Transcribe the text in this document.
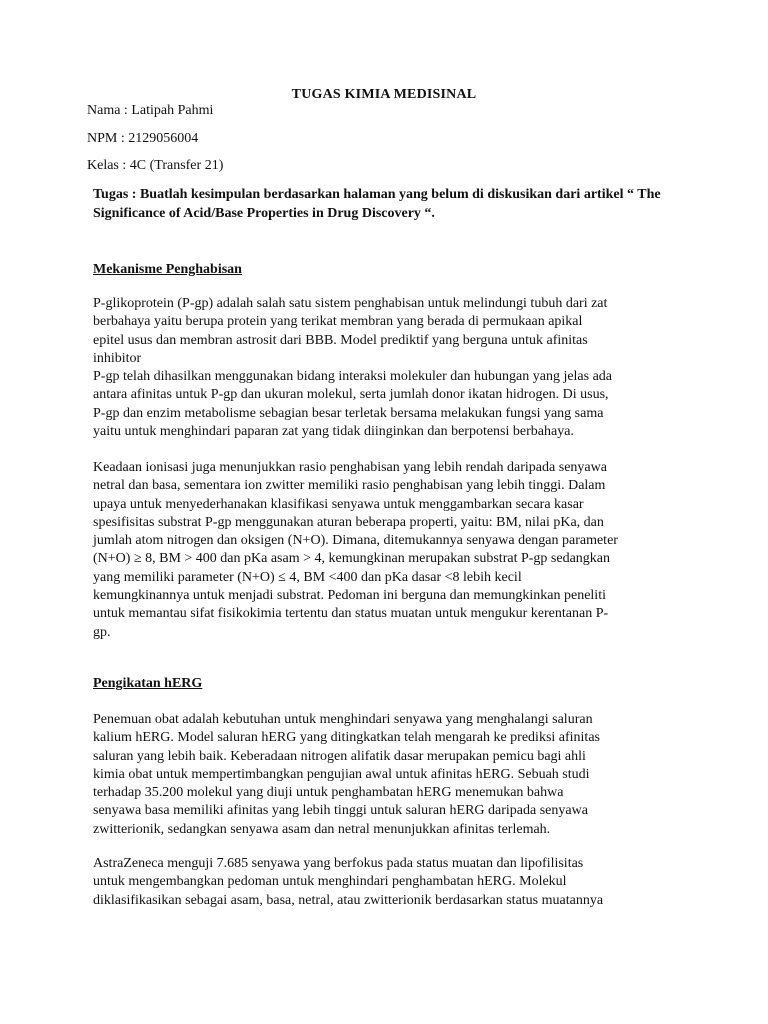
TUGAS KIMIA MEDISINAL
Nama : Latipah Pahmi
NPM : 2129056004
Kelas : 4C (Transfer 21)
Tugas : Buatlah kesimpulan berdasarkan halaman yang belum di diskusikan dari artikel “ The Significance of Acid/Base Properties in Drug Discovery “.
Mekanisme Penghabisan
P-glikoprotein (P-gp) adalah salah satu sistem penghabisan untuk melindungi tubuh dari zat
berbahaya yaitu berupa protein yang terikat membran yang berada di permukaan apikal
epitel usus dan membran astrosit dari BBB. Model prediktif yang berguna untuk afinitas
inhibitor
P-gp telah dihasilkan menggunakan bidang interaksi molekuler dan hubungan yang jelas ada
antara afinitas untuk P-gp dan ukuran molekul, serta jumlah donor ikatan hidrogen. Di usus,
P-gp dan enzim metabolisme sebagian besar terletak bersama melakukan fungsi yang sama
yaitu untuk menghindari paparan zat yang tidak diinginkan dan berpotensi berbahaya.
Keadaan ionisasi juga menunjukkan rasio penghabisan yang lebih rendah daripada senyawa
netral dan basa, sementara ion zwitter memiliki rasio penghabisan yang lebih tinggi. Dalam
upaya untuk menyederhanakan klasifikasi senyawa untuk menggambarkan secara kasar
spesifisitas substrat P-gp menggunakan aturan beberapa properti, yaitu: BM, nilai pKa, dan
jumlah atom nitrogen dan oksigen (N+O). Dimana, ditemukannya senyawa dengan parameter
(N+O) ≥ 8, BM > 400 dan pKa asam > 4, kemungkinan merupakan substrat P-gp sedangkan
yang memiliki parameter (N+O) ≤ 4, BM <400 dan pKa dasar <8 lebih kecil
kemungkinannya untuk menjadi substrat. Pedoman ini berguna dan memungkinkan peneliti
untuk memantau sifat fisikokimia tertentu dan status muatan untuk mengukur kerentanan P-
gp.
Pengikatan hERG
Penemuan obat adalah kebutuhan untuk menghindari senyawa yang menghalangi saluran
kalium hERG. Model saluran hERG yang ditingkatkan telah mengarah ke prediksi afinitas
saluran yang lebih baik. Keberadaan nitrogen alifatik dasar merupakan pemicu bagi ahli
kimia obat untuk mempertimbangkan pengujian awal untuk afinitas hERG. Sebuah studi
terhadap 35.200 molekul yang diuji untuk penghambatan hERG menemukan bahwa
senyawa basa memiliki afinitas yang lebih tinggi untuk saluran hERG daripada senyawa
zwitterionik, sedangkan senyawa asam dan netral menunjukkan afinitas terlemah.
AstraZeneca menguji 7.685 senyawa yang berfokus pada status muatan dan lipofilisitas
untuk mengembangkan pedoman untuk menghindari penghambatan hERG. Molekul
diklasifikasikan sebagai asam, basa, netral, atau zwitterionik berdasarkan status muatannya
